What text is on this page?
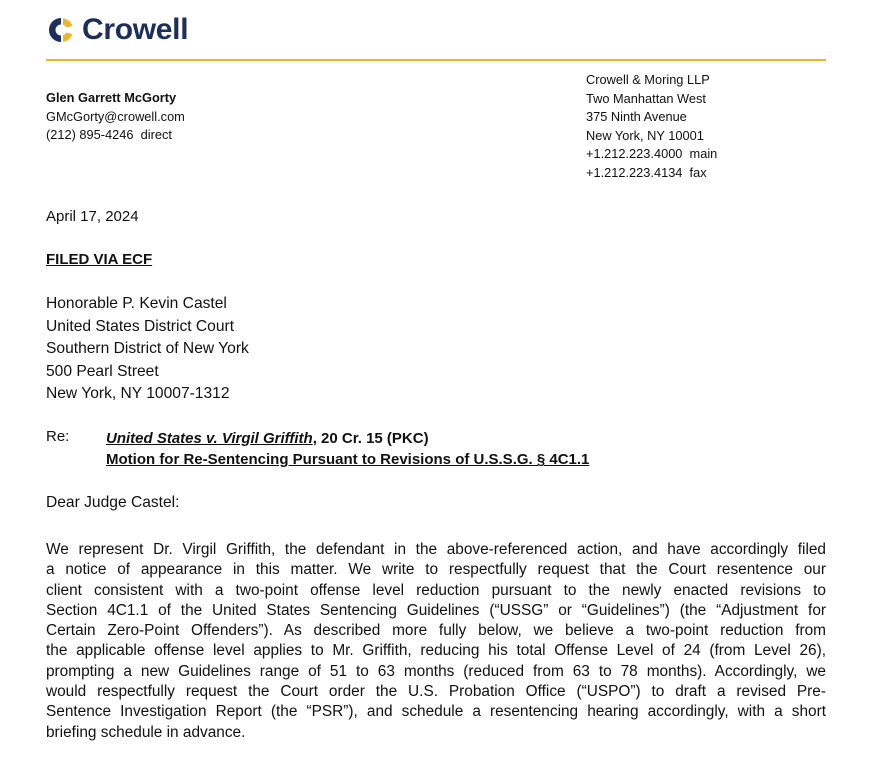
Crowell
Glen Garrett McGorty
GMcGorty@crowell.com
(212) 895-4246  direct
Crowell & Moring LLP
Two Manhattan West
375 Ninth Avenue
New York, NY 10001
+1.212.223.4000  main
+1.212.223.4134  fax
April 17, 2024
FILED VIA ECF
Honorable P. Kevin Castel
United States District Court
Southern District of New York
500 Pearl Street
New York, NY 10007-1312
Re: United States v. Virgil Griffith, 20 Cr. 15 (PKC)
Motion for Re-Sentencing Pursuant to Revisions of U.S.S.G. § 4C1.1
Dear Judge Castel:
We represent Dr. Virgil Griffith, the defendant in the above-referenced action, and have accordingly filed
a notice of appearance in this matter. We write to respectfully request that the Court resentence our
client consistent with a two-point offense level reduction pursuant to the newly enacted revisions to
Section 4C1.1 of the United States Sentencing Guidelines (“USSG” or “Guidelines”) (the “Adjustment for
Certain Zero-Point Offenders”). As described more fully below, we believe a two-point reduction from
the applicable offense level applies to Mr. Griffith, reducing his total Offense Level of 24 (from Level 26),
prompting a new Guidelines range of 51 to 63 months (reduced from 63 to 78 months). Accordingly, we
would respectfully request the Court order the U.S. Probation Office (“USPO”) to draft a revised Pre-
Sentence Investigation Report (the “PSR”), and schedule a resentencing hearing accordingly, with a short
briefing schedule in advance.
